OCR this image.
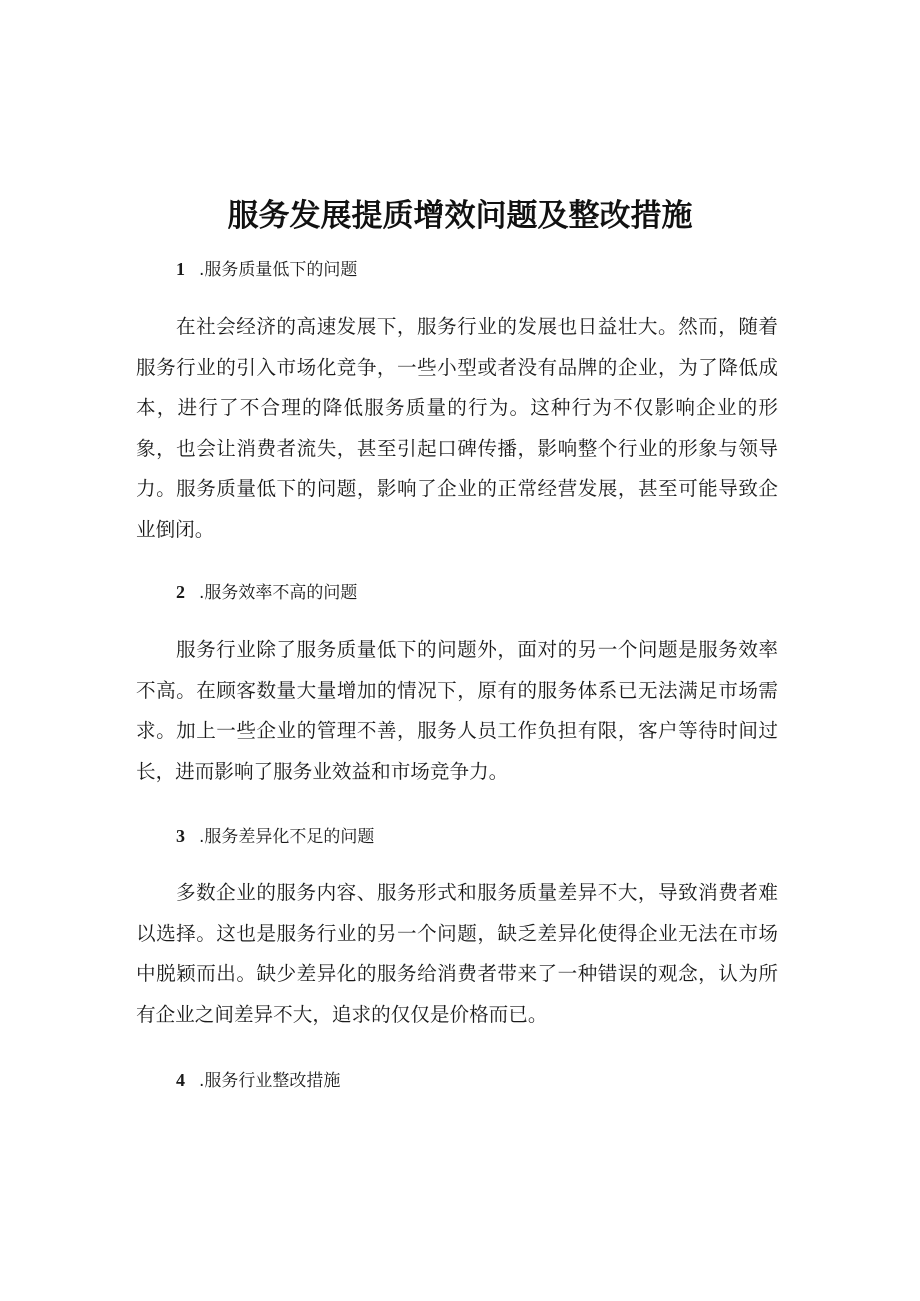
服务发展提质增效问题及整改措施
1 .服务质量低下的问题

在社会经济的高速发展下，服务行业的发展也日益壮大。然而，随着服务行业的引入市场化竞争，一些小型或者没有品牌的企业，为了降低成本，进行了不合理的降低服务质量的行为。这种行为不仅影响企业的形象，也会让消费者流失，甚至引起口碑传播，影响整个行业的形象与领导力。服务质量低下的问题，影响了企业的正常经营发展，甚至可能导致企业倒闭。

2 .服务效率不高的问题

服务行业除了服务质量低下的问题外，面对的另一个问题是服务效率不高。在顾客数量大量增加的情况下，原有的服务体系已无法满足市场需求。加上一些企业的管理不善，服务人员工作负担有限，客户等待时间过长，进而影响了服务业效益和市场竞争力。

3 .服务差异化不足的问题

多数企业的服务内容、服务形式和服务质量差异不大，导致消费者难以选择。这也是服务行业的另一个问题，缺乏差异化使得企业无法在市场中脱颖而出。缺少差异化的服务给消费者带来了一种错误的观念，认为所有企业之间差异不大，追求的仅仅是价格而已。

4 .服务行业整改措施
